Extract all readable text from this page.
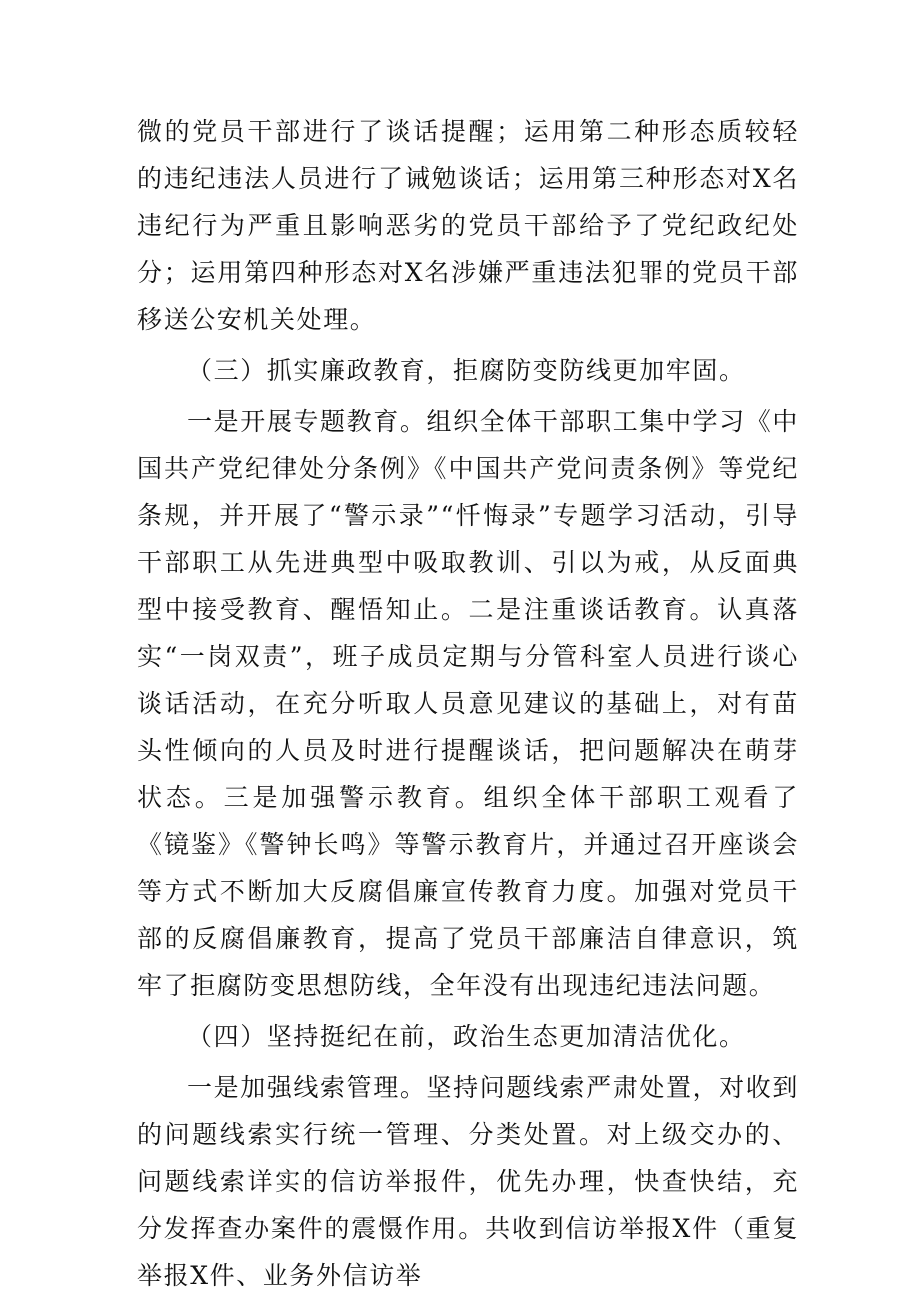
微的党员干部进行了谈话提醒；运用第二种形态质较轻的违纪违法人员进行了诫勉谈话；运用第三种形态对X名违纪行为严重且影响恶劣的党员干部给予了党纪政纪处分；运用第四种形态对X名涉嫌严重违法犯罪的党员干部移送公安机关处理。

（三）抓实廉政教育，拒腐防变防线更加牢固。

一是开展专题教育。组织全体干部职工集中学习《中国共产党纪律处分条例》《中国共产党问责条例》等党纪条规，并开展了“警示录”“忏悔录”专题学习活动，引导干部职工从先进典型中吸取教训、引以为戒，从反面典型中接受教育、醒悟知止。二是注重谈话教育。认真落实“一岗双责”，班子成员定期与分管科室人员进行谈心谈话活动，在充分听取人员意见建议的基础上，对有苗头性倾向的人员及时进行提醒谈话，把问题解决在萌芽状态。三是加强警示教育。组织全体干部职工观看了《镜鉴》《警钟长鸣》等警示教育片，并通过召开座谈会等方式不断加大反腐倡廉宣传教育力度。加强对党员干部的反腐倡廉教育，提高了党员干部廉洁自律意识，筑牢了拒腐防变思想防线，全年没有出现违纪违法问题。

（四）坚持挺纪在前，政治生态更加清洁优化。

一是加强线索管理。坚持问题线索严肃处置，对收到的问题线索实行统一管理、分类处置。对上级交办的、问题线索详实的信访举报件，优先办理，快查快结，充分发挥查办案件的震慑作用。共收到信访举报X件（重复举报X件、业务外信访举
